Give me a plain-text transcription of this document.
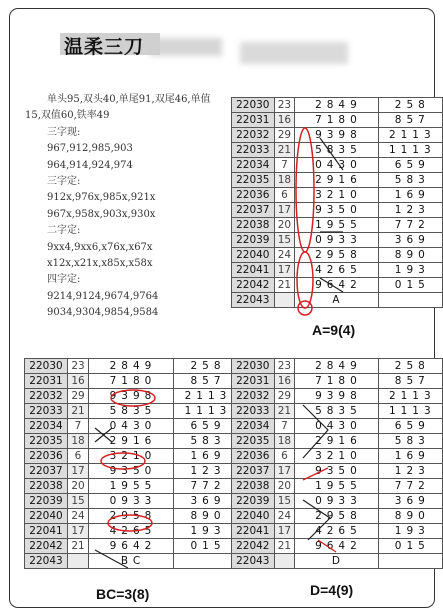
温柔三刀

单头95,双头40,单尾91,双尾46,单值15,双值60,铁率49

三字现:

967,912,985,903

964,914,924,974

三字定:

912x,976x,985x,921x

967x,958x,903x,930x

二字定:

9xx4,9xx6,x76x,x67x

x12x,x21x,x85x,x58x

四字定:

9214,9124,9674,9764

9034,9304,9854,9584

22030	23	2849	258
22031	16	7180	857
22032	29	9398	2113
22033	21	5835	1113
22034	7	0430	659
22035	18	2916	583
22036	6	3210	169
22037	17	9350	123
22038	20	1955	772
22039	15	0933	369
22040	24	2958	890
22041	17	4265	193
22042	21	9642	015
22043		A	
22030	23	2849	258
22031	16	7180	857
22032	29	9398	2113
22033	21	5835	1113
22034	7	0430	659
22035	18	2916	583
22036	6	3210	169
22037	17	9350	123
22038	20	1955	772
22039	15	0933	369
22040	24	2958	890
22041	17	4265	193
22042	21	9642	015
22043		BC	
22030	23	2849	258
22031	16	7180	857
22032	29	9398	2113
22033	21	5835	1113
22034	7	0430	659
22035	18	2916	583
22036	6	3210	169
22037	17	9350	123
22038	20	1955	772
22039	15	0933	369
22040	24	2958	890
22041	17	4265	193
22042	21	9642	015
22043		D	
A=9(4)
BC=3(8)	D=4(9)
